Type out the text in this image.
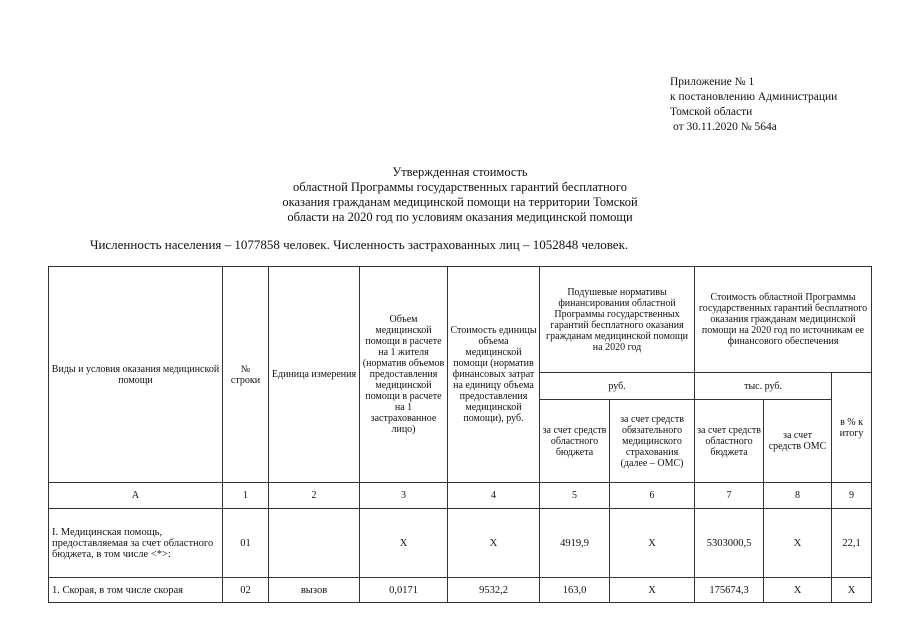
Приложение № 1
к постановлению Администрации
Томской области
от 30.11.2020 № 564а
Утвержденная стоимость
областной Программы государственных гарантий бесплатного
оказания гражданам медицинской помощи на территории Томской
области на 2020 год по условиям оказания медицинской помощи
Численность населения – 1077858 человек. Численность застрахованных лиц – 1052848 человек.
Виды и условия оказания медицинской помощи	№ строки	Единица измерения	Объем медицинской помощи в расчете на 1 жителя (норматив объемов предоставления медицинской помощи в расчете на 1 застрахованное лицо)	Стоимость единицы объема медицинской помощи (норматив финансовых затрат на единицу объема предоставления медицинской помощи), руб.	Подушевые нормативы финансирования областной Программы государственных гарантий бесплатного оказания гражданам медицинской помощи на 2020 год		Стоимость областной Программы государственных гарантий бесплатного оказания гражданам медицинской помощи на 2020 год по источникам ее финансового обеспечения		
					руб.		тыс. руб.		в % к итогу
					за счет средств областного бюджета	за счет средств обязательного медицинского страхования (далее – ОМС)	за счет средств областного бюджета	за счет средств ОМС	
А	1	2	3	4	5	6	7	8	9
I. Медицинская помощь, предоставляемая за счет областного бюджета, в том числе <*>:	01		X	X	4919,9	X	5303000,5	X	22,1
1. Скорая, в том числе скорая	02	вызов	0,0171	9532,2	163,0	X	175674,3	X	X
